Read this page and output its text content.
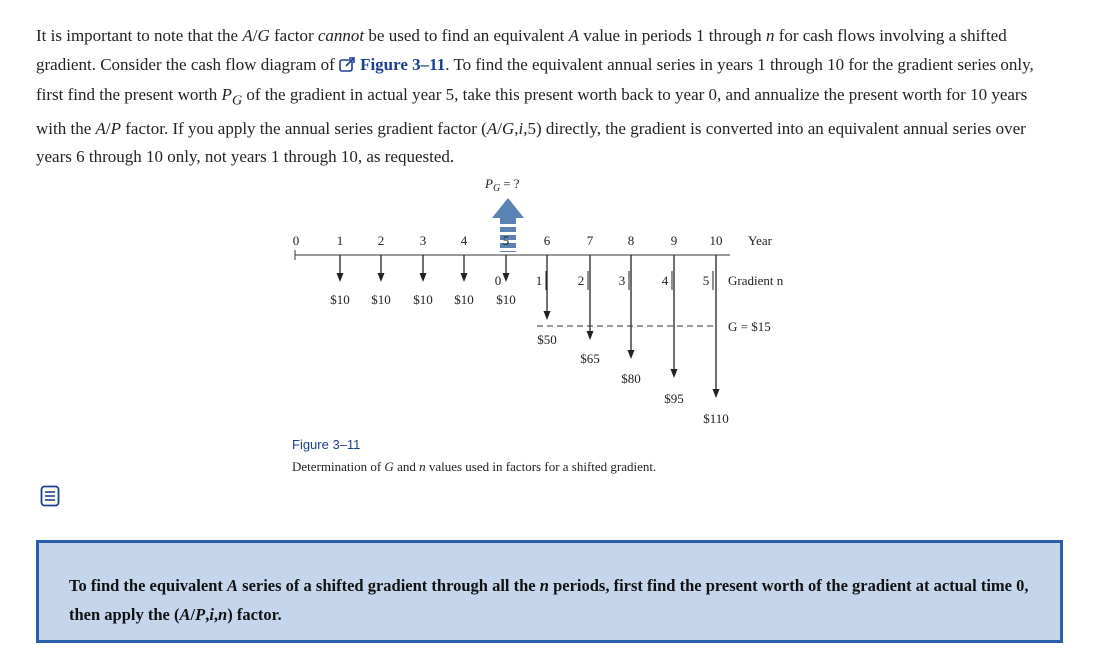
It is important to note that the A/G factor cannot be used to find an equivalent A value in periods 1 through n for cash flows involving a shifted gradient. Consider the cash flow diagram of Figure 3–11. To find the equivalent annual series in years 1 through 10 for the gradient series only, first find the present worth $P_G$ of the gradient in actual year 5, take this present worth back to year 0, and annualize the present worth for 10 years with the A/P factor. If you apply the annual series gradient factor (A/G,i,5) directly, the gradient is converted into an equivalent annual series over years 6 through 10 only, not years 1 through 10, as requested.
$P_G$ = ?
0	1	2	3	4	5	6	7	8	9 10 Year
$10 $10 $10 $10 $10
0	1	2	3	4	5 Gradient n
$50
$65
$80
$95
$110
G = $15
Figure 3–11
Determination of G and n values used in factors for a shifted gradient.
To find the equivalent A series of a shifted gradient through all the n periods, first find the present worth of the gradient at actual time 0, then apply the (A/P,i,n) factor.
